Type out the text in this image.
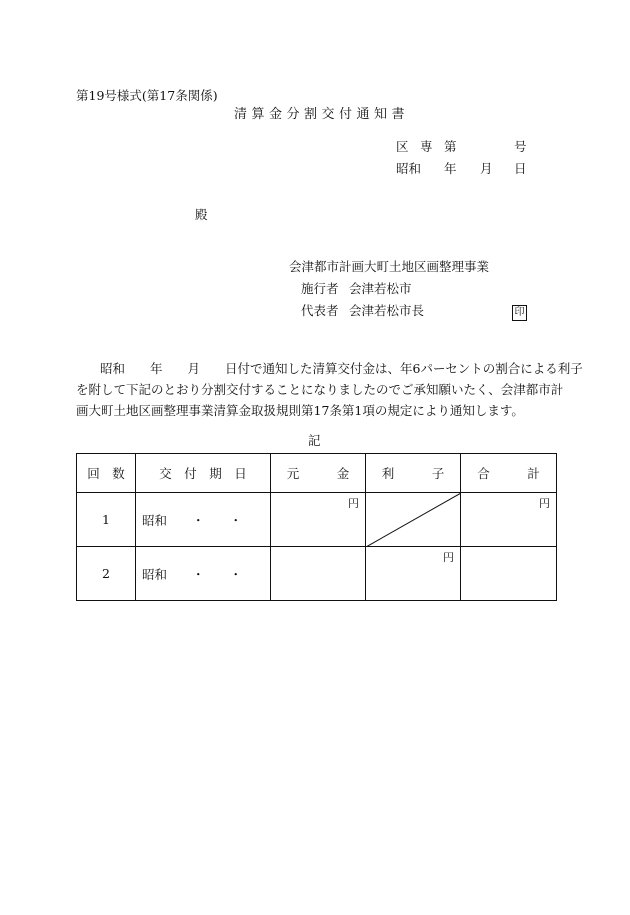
第19号様式(第17条関係)
清算金分割交付通知書
区 専 第	号
昭和 年 月 日
殿
会津都市計画大町土地区画整理事業
施行者 会津若松市
代表者 会津若松市長	印
昭和　　年　　月　　日付で通知した清算交付金は、年6パーセントの割合による利子
を附して下記のとおり分割交付することになりましたのでご承知願いたく、会津都市計
画大町土地区画整理事業清算金取扱規則第17条第1項の規定により通知します。
記
回　数	交　付　期　日	元　　　金	利　　　子	合　　　計

1	昭和　　・　　・	円		円

2	昭和　　・　　・		円	
